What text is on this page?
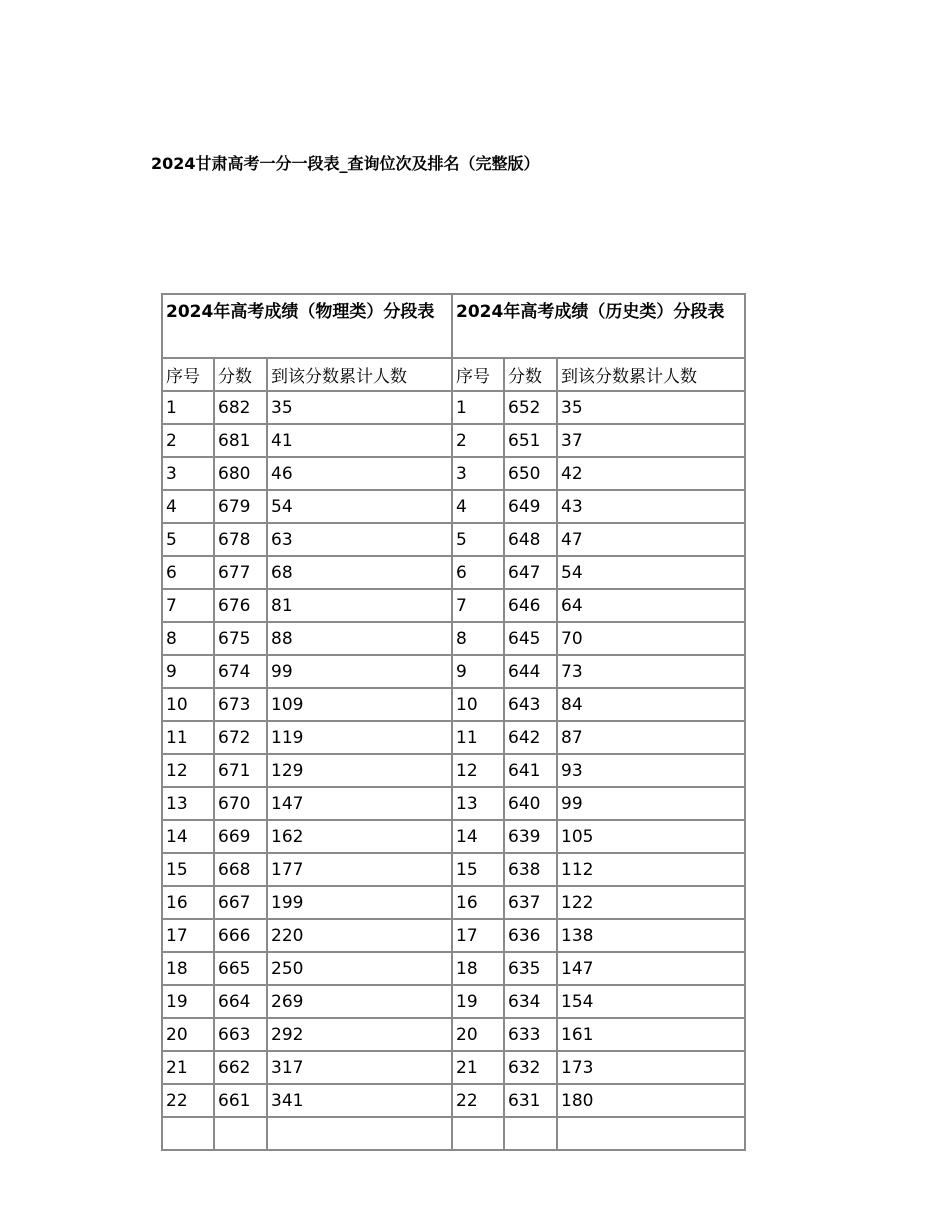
2024甘肃高考一分一段表_查询位次及排名（完整版）
2024年高考成绩（物理类）分段表			2024年高考成绩（历史类）分段表		
序号	分数	到该分数累计人数	序号	分数	到该分数累计人数
1	682	35	1	652	35
2	681	41	2	651	37
3	680	46	3	650	42
4	679	54	4	649	43
5	678	63	5	648	47
6	677	68	6	647	54
7	676	81	7	646	64
8	675	88	8	645	70
9	674	99	9	644	73
10	673	109	10	643	84
11	672	119	11	642	87
12	671	129	12	641	93
13	670	147	13	640	99
14	669	162	14	639	105
15	668	177	15	638	112
16	667	199	16	637	122
17	666	220	17	636	138
18	665	250	18	635	147
19	664	269	19	634	154
20	663	292	20	633	161
21	662	317	21	632	173
22	661	341	22	631	180
